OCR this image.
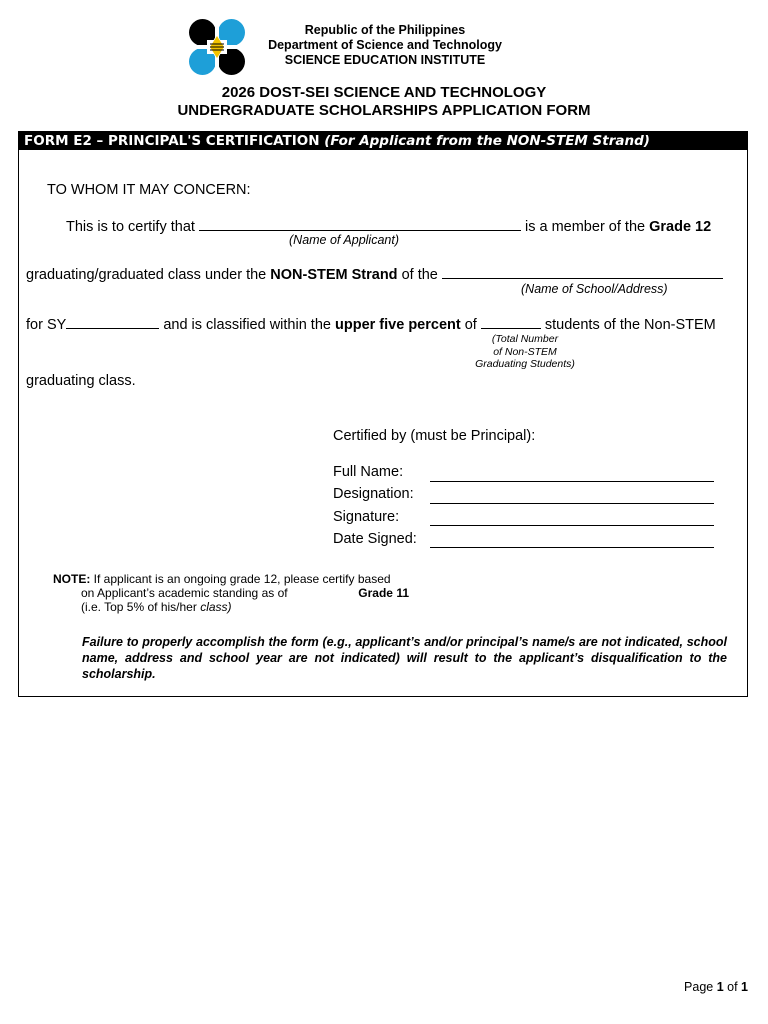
Republic of the Philippines
Department of Science and Technology
SCIENCE EDUCATION INSTITUTE
2026 DOST-SEI SCIENCE AND TECHNOLOGY
UNDERGRADUATE SCHOLARSHIPS APPLICATION FORM
FORM E2 – PRINCIPAL'S CERTIFICATION (For Applicant from the NON-STEM Strand)
TO WHOM IT MAY CONCERN:
This is to certify that	is a member of the Grade 12
(Name of Applicant)
graduating/graduated class under the NON-STEM Strand of the
(Name of School/Address)
for SY	and is classified within the upper five percent of	students of the Non-STEM
(Total Number
of Non-STEM
Graduating Students)
graduating class.
Certified by (must be Principal):
Full Name:
Designation:
Signature:
Date Signed:
NOTE: If applicant is an ongoing grade 12, please certify based
on Applicant’s academic standing as of	Grade 11
(i.e. Top 5% of his/her class)
Failure to properly accomplish the form (e.g., applicant’s and/or principal’s name/s are not indicated, school name, address and school year are not indicated) will result to the applicant’s disqualification to the scholarship.
Page 1 of 1
